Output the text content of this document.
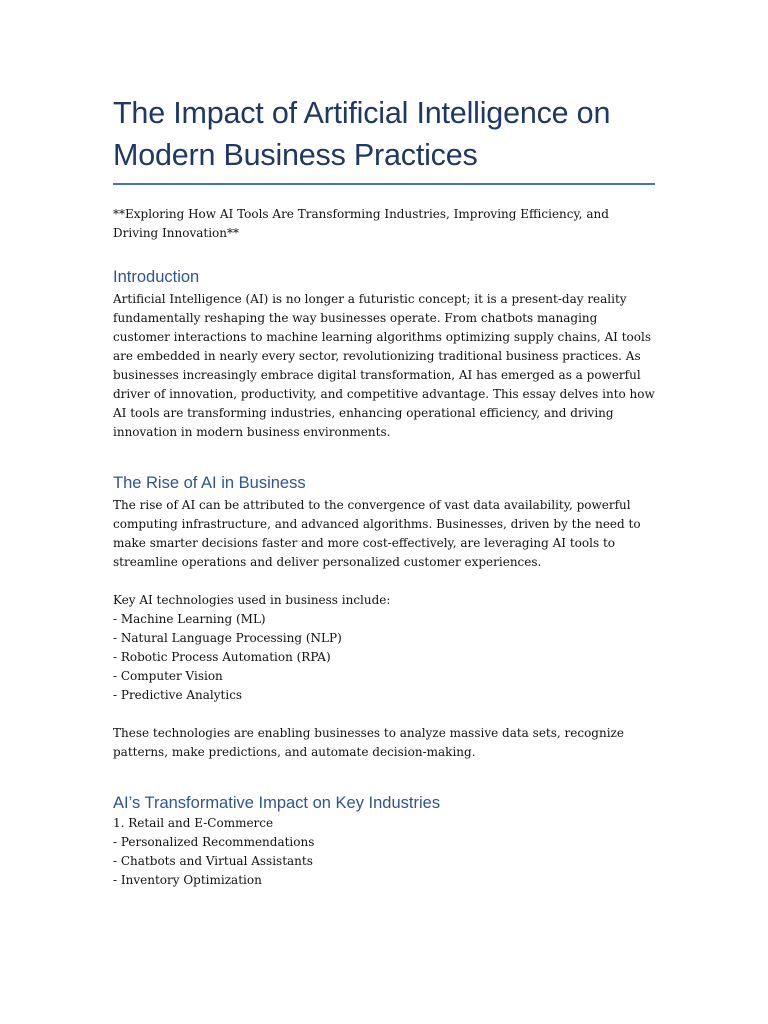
The Impact of Artificial Intelligence on Modern Business Practices

**Exploring How AI Tools Are Transforming Industries, Improving Efficiency, and Driving Innovation**

Introduction

Artificial Intelligence (AI) is no longer a futuristic concept; it is a present-day reality fundamentally reshaping the way businesses operate. From chatbots managing customer interactions to machine learning algorithms optimizing supply chains, AI tools are embedded in nearly every sector, revolutionizing traditional business practices. As businesses increasingly embrace digital transformation, AI has emerged as a powerful driver of innovation, productivity, and competitive advantage. This essay delves into how AI tools are transforming industries, enhancing operational efficiency, and driving innovation in modern business environments.

The Rise of AI in Business

The rise of AI can be attributed to the convergence of vast data availability, powerful computing infrastructure, and advanced algorithms. Businesses, driven by the need to make smarter decisions faster and more cost-effectively, are leveraging AI tools to streamline operations and deliver personalized customer experiences.

Key AI technologies used in business include:

- Machine Learning (ML)
- Natural Language Processing (NLP)
- Robotic Process Automation (RPA)
- Computer Vision
- Predictive Analytics

These technologies are enabling businesses to analyze massive data sets, recognize patterns, make predictions, and automate decision-making.

AI’s Transformative Impact on Key Industries
1. Retail and E-Commerce
- Personalized Recommendations
- Chatbots and Virtual Assistants
- Inventory Optimization
